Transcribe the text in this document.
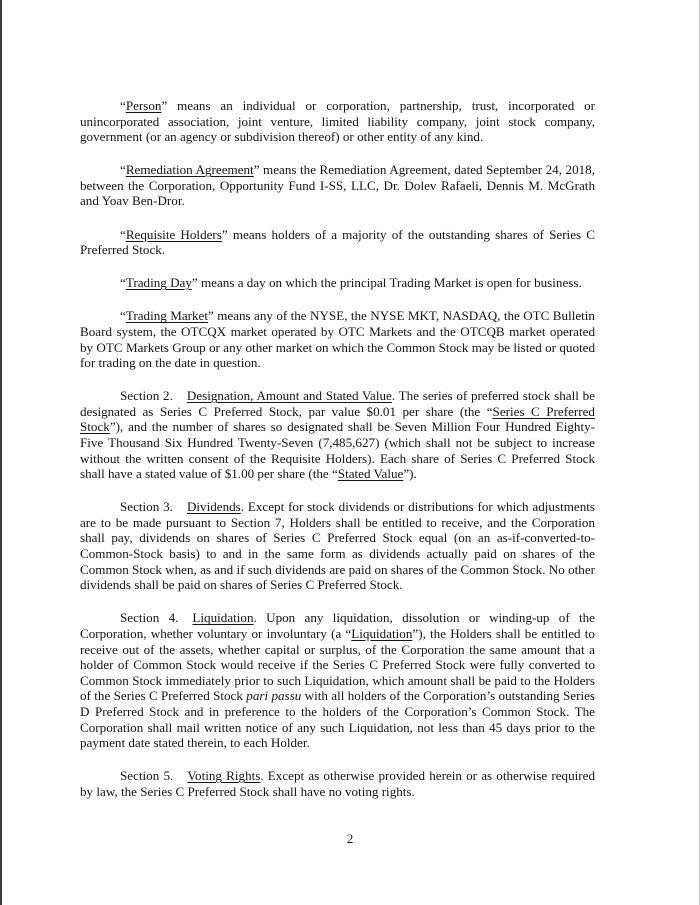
“Person” means an individual or corporation, partnership, trust, incorporated or unincorporated association, joint venture, limited liability company, joint stock company, government (or an agency or subdivision thereof) or other entity of any kind.

“Remediation Agreement” means the Remediation Agreement, dated September 24, 2018, between the Corporation, Opportunity Fund I-SS, LLC, Dr. Dolev Rafaeli, Dennis M. McGrath and Yoav Ben-Dror.

“Requisite Holders” means holders of a majority of the outstanding shares of Series C Preferred Stock.

“Trading Day” means a day on which the principal Trading Market is open for business.

“Trading Market” means any of the NYSE, the NYSE MKT, NASDAQ, the OTC Bulletin Board system, the OTCQX market operated by OTC Markets and the OTCQB market operated by OTC Markets Group or any other market on which the Common Stock may be listed or quoted for trading on the date in question.

Section 2. Designation, Amount and Stated Value. The series of preferred stock shall be designated as Series C Preferred Stock, par value $0.01 per share (the “Series C Preferred Stock”), and the number of shares so designated shall be Seven Million Four Hundred Eighty-Five Thousand Six Hundred Twenty-Seven (7,485,627) (which shall not be subject to increase without the written consent of the Requisite Holders). Each share of Series C Preferred Stock shall have a stated value of $1.00 per share (the “Stated Value”).

Section 3. Dividends. Except for stock dividends or distributions for which adjustments are to be made pursuant to Section 7, Holders shall be entitled to receive, and the Corporation shall pay, dividends on shares of Series C Preferred Stock equal (on an as-if-converted-to-Common-Stock basis) to and in the same form as dividends actually paid on shares of the Common Stock when, as and if such dividends are paid on shares of the Common Stock. No other dividends shall be paid on shares of Series C Preferred Stock.

Section 4. Liquidation. Upon any liquidation, dissolution or winding-up of the Corporation, whether voluntary or involuntary (a “Liquidation”), the Holders shall be entitled to receive out of the assets, whether capital or surplus, of the Corporation the same amount that a holder of Common Stock would receive if the Series C Preferred Stock were fully converted to Common Stock immediately prior to such Liquidation, which amount shall be paid to the Holders of the Series C Preferred Stock pari passu with all holders of the Corporation’s outstanding Series D Preferred Stock and in preference to the holders of the Corporation’s Common Stock. The Corporation shall mail written notice of any such Liquidation, not less than 45 days prior to the payment date stated therein, to each Holder.

Section 5. Voting Rights. Except as otherwise provided herein or as otherwise required by law, the Series C Preferred Stock shall have no voting rights.

2
